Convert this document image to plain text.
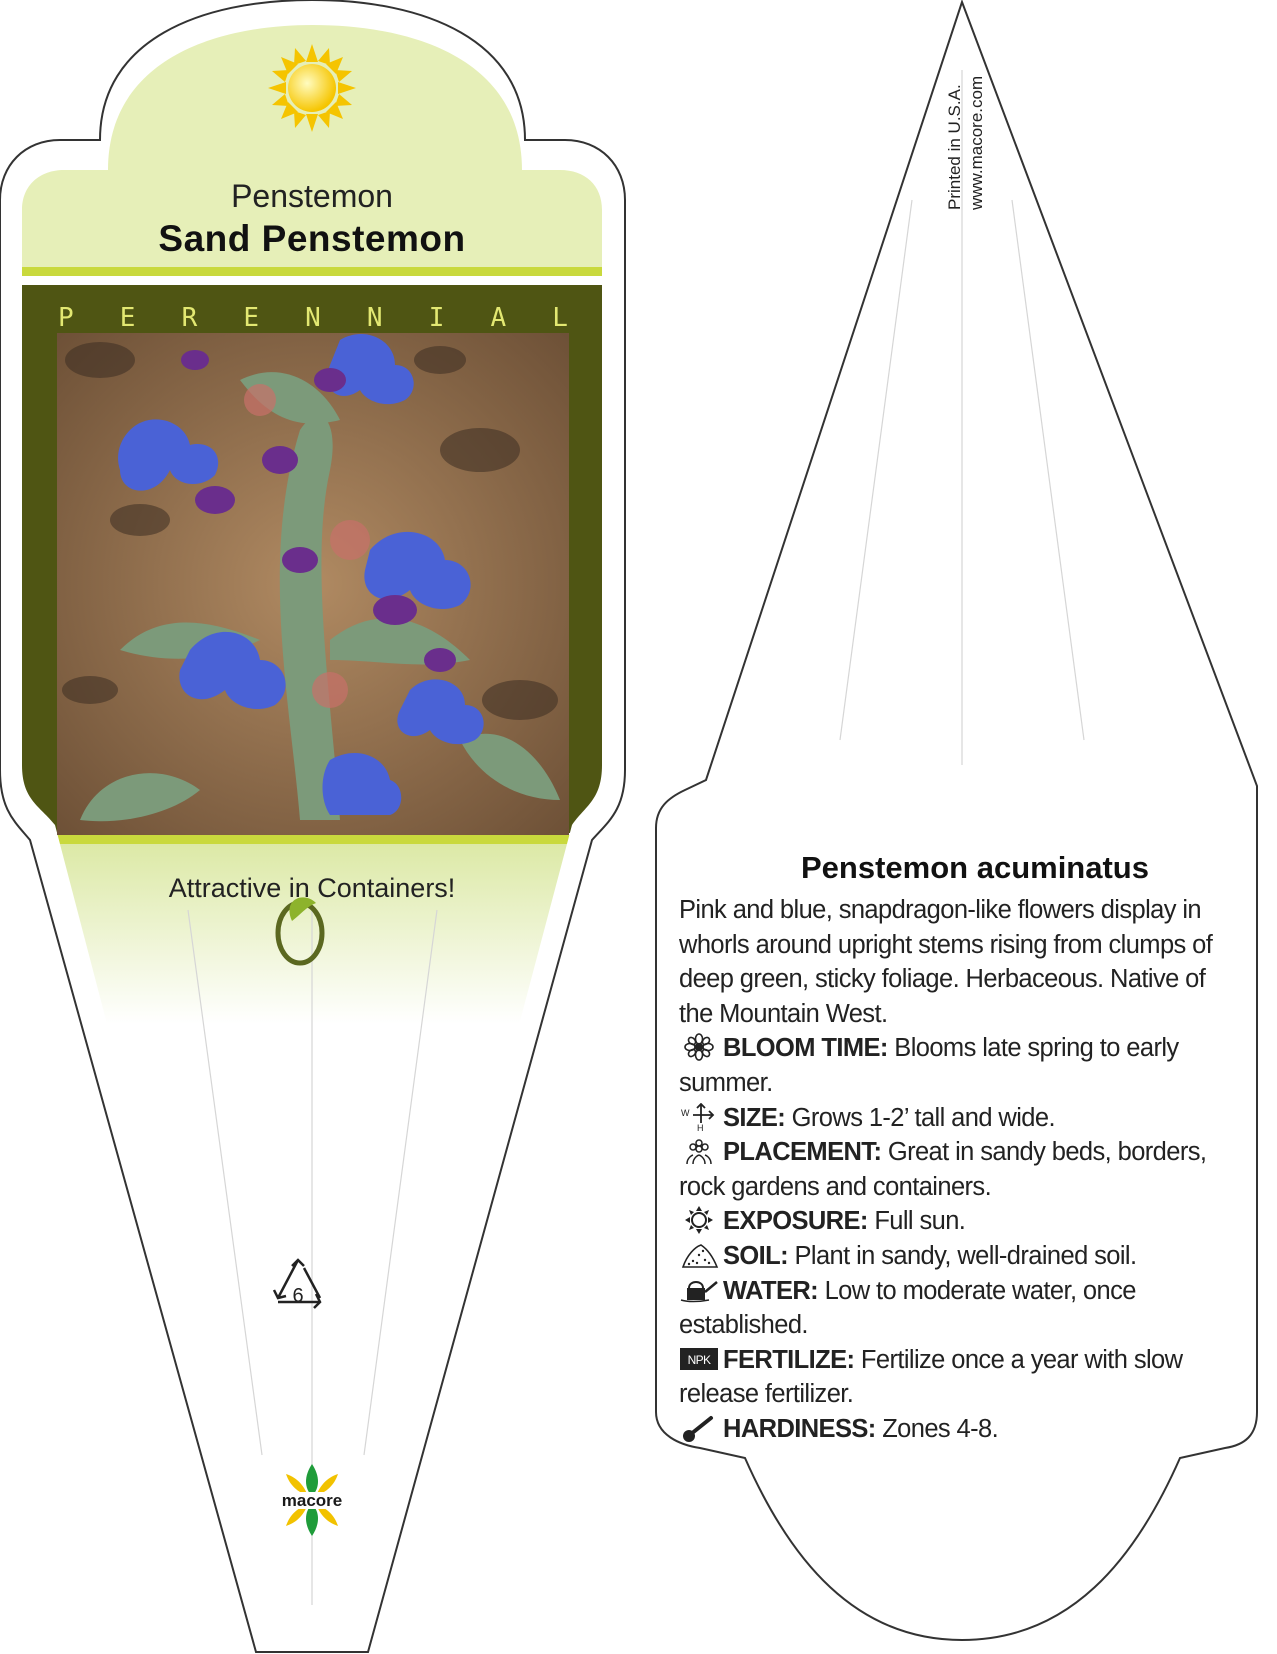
Penstemon
Sand Penstemon
P E R E N N I A L
Attractive in Containers!
6
macore
Printed in U.S.A. www.macore.com
Penstemon acuminatus

Pink and blue, snapdragon-like flowers display in whorls around upright stems rising from clumps of deep green, sticky foliage. Herbaceous. Native of the Mountain West.

BLOOM TIME: Blooms late spring to early summer.

W
H SIZE: Grows 1-2’ tall and wide.

PLACEMENT: Great in sandy beds, borders, rock gardens and containers.

EXPOSURE: Full sun.

SOIL: Plant in sandy, well-drained soil.

WATER: Low to moderate water, once established.

NPK FERTILIZE: Fertilize once a year with slow release fertilizer.

HARDINESS: Zones 4-8.
